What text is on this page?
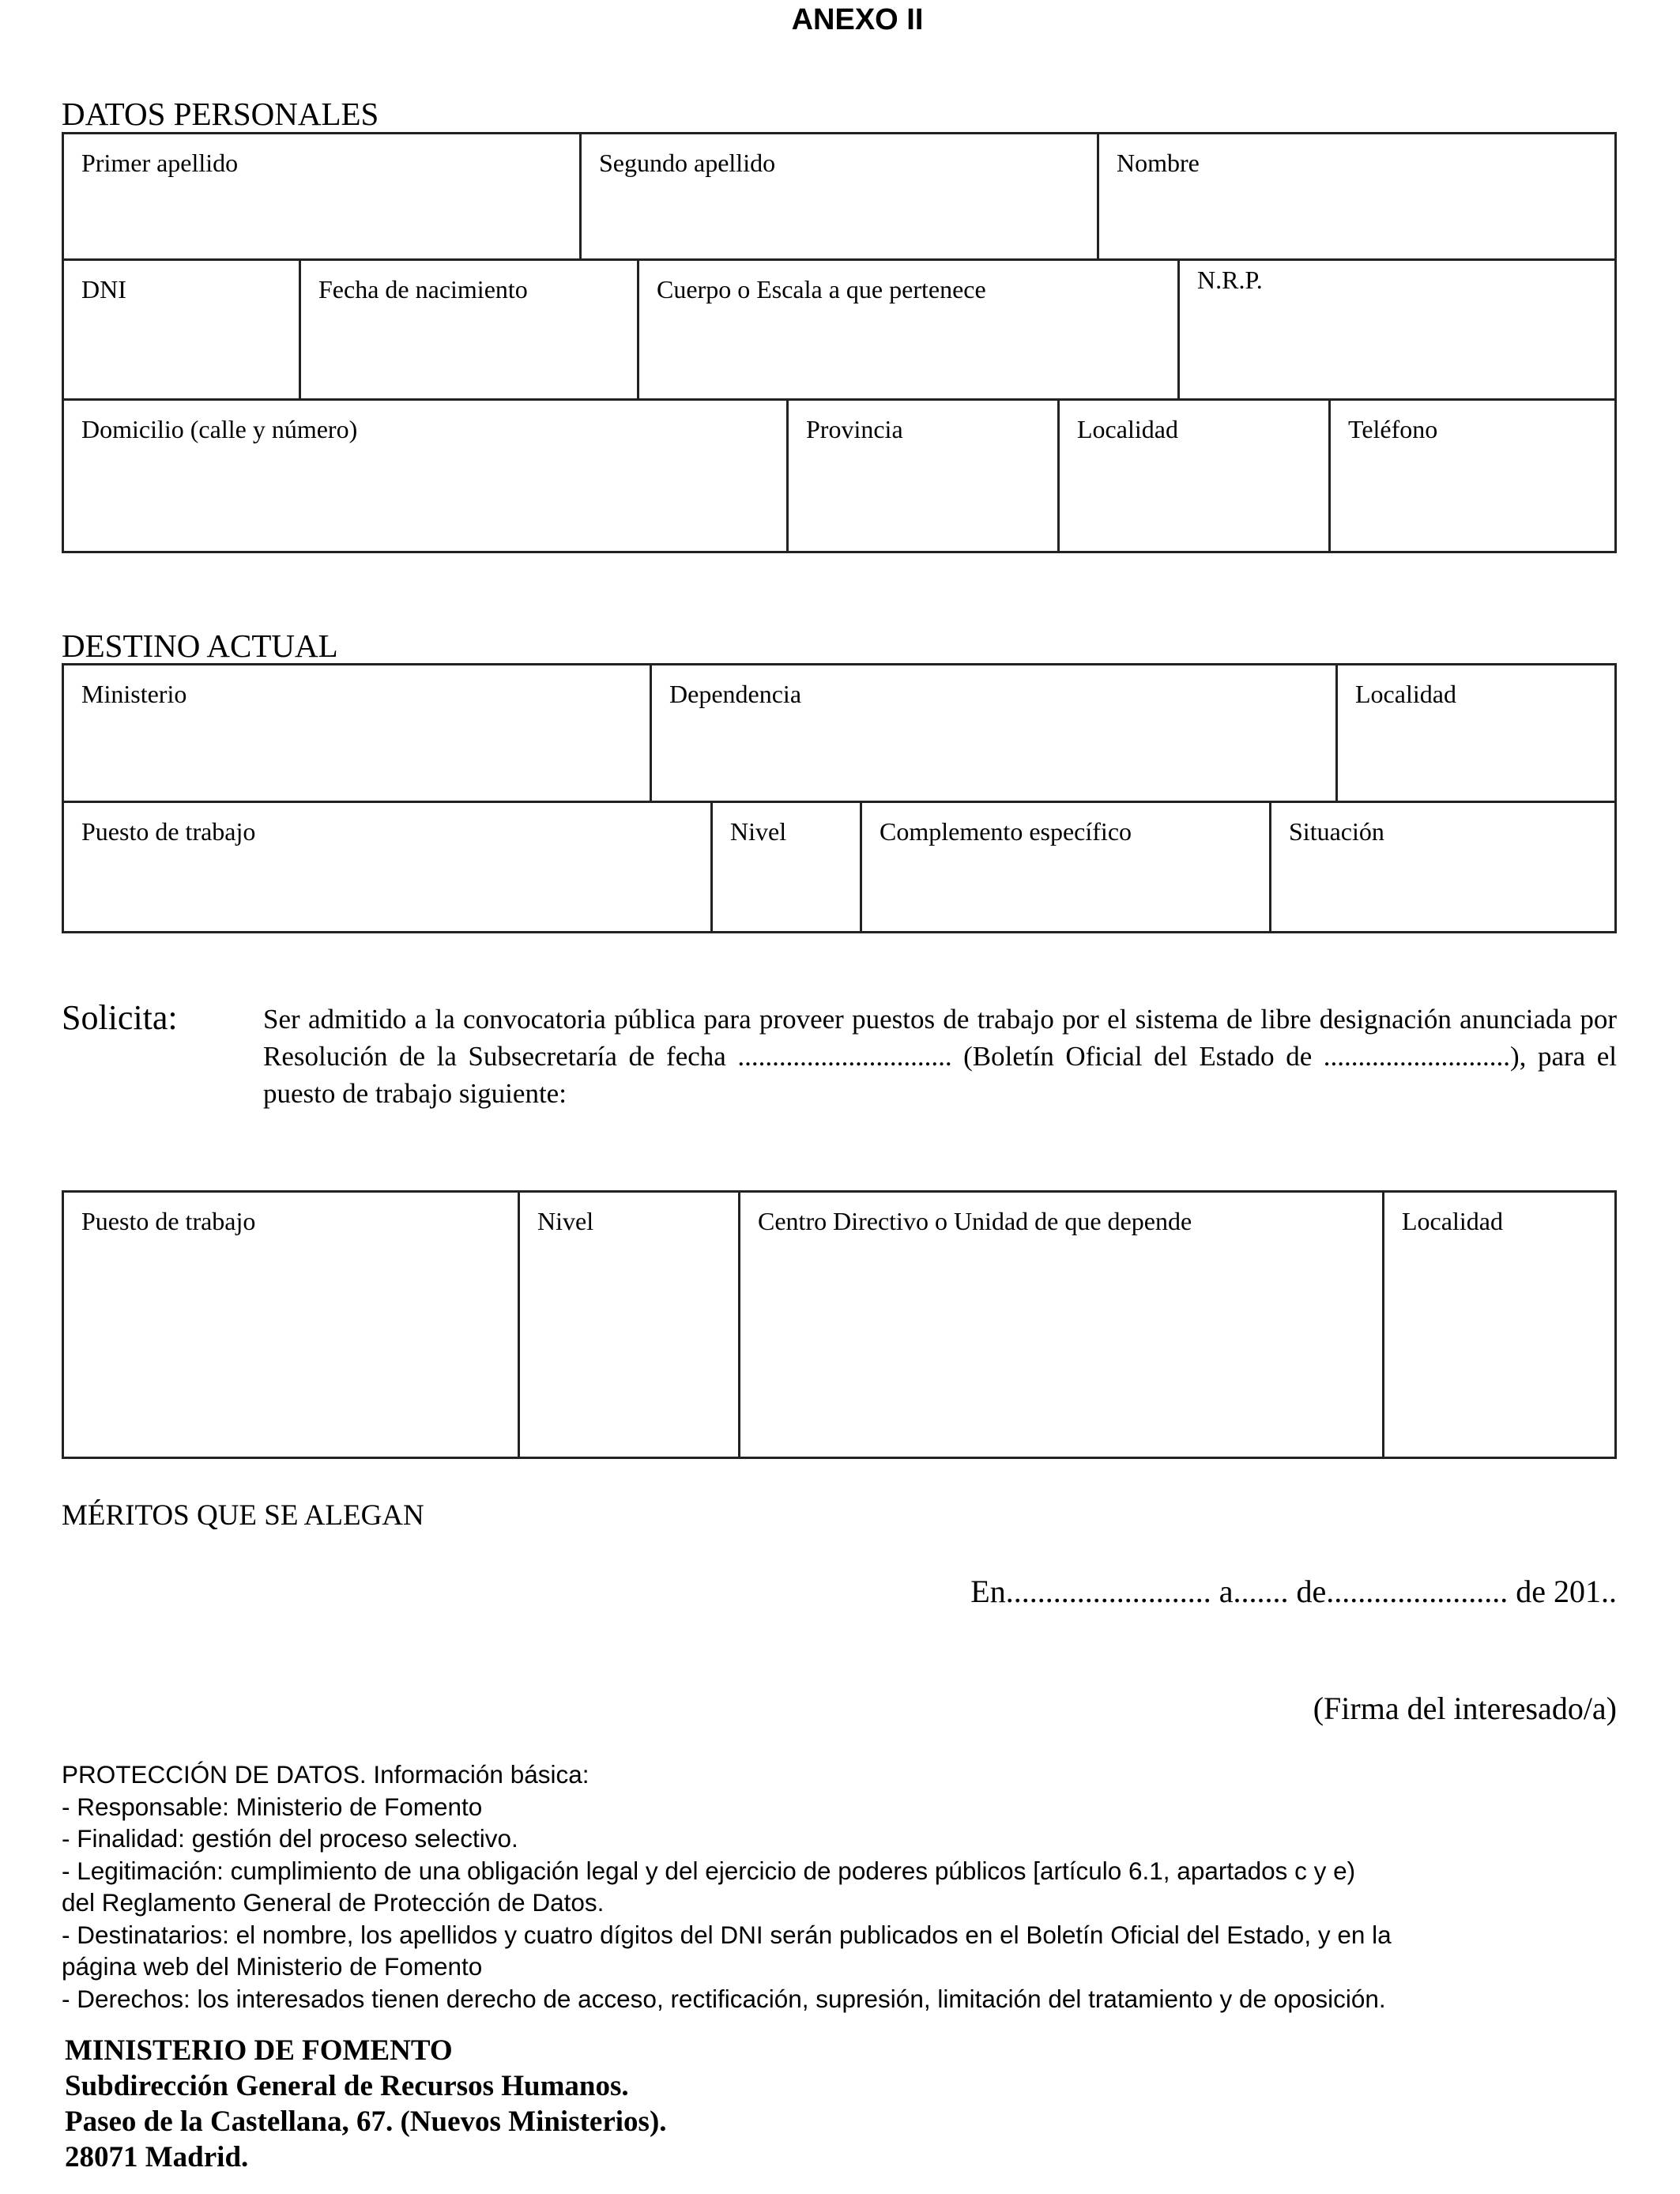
ANEXO II
DATOS PERSONALES
Primer apellido	Segundo apellido	Nombre
DNI	Fecha de nacimiento	Cuerpo o Escala a que pertenece	N.R.P.
Domicilio (calle y número)	Provincia	Localidad	Teléfono
DESTINO ACTUAL
Ministerio	Dependencia	Localidad
Puesto de trabajo	Nivel	Complemento específico	Situación
Solicita:	Ser admitido a la convocatoria pública para proveer puestos de trabajo por el sistema de libre designación anunciada por Resolución de la Subsecretaría de fecha ............................... (Boletín Oficial del Estado de ...........................), para el puesto de trabajo siguiente:
Puesto de trabajo	Nivel	Centro Directivo o Unidad de que depende	Localidad
MÉRITOS QUE SE ALEGAN
En.......................... a....... de....................... de 201..
(Firma del interesado/a)
PROTECCIÓN DE DATOS. Información básica:
- Responsable: Ministerio de Fomento
- Finalidad: gestión del proceso selectivo.
- Legitimación: cumplimiento de una obligación legal y del ejercicio de poderes públicos [artículo 6.1, apartados c y e)
del Reglamento General de Protección de Datos.
- Destinatarios: el nombre, los apellidos y cuatro dígitos del DNI serán publicados en el Boletín Oficial del Estado, y en la
página web del Ministerio de Fomento
- Derechos: los interesados tienen derecho de acceso, rectificación, supresión, limitación del tratamiento y de oposición.
MINISTERIO DE FOMENTO
Subdirección General de Recursos Humanos.
Paseo de la Castellana, 67. (Nuevos Ministerios).
28071 Madrid.
